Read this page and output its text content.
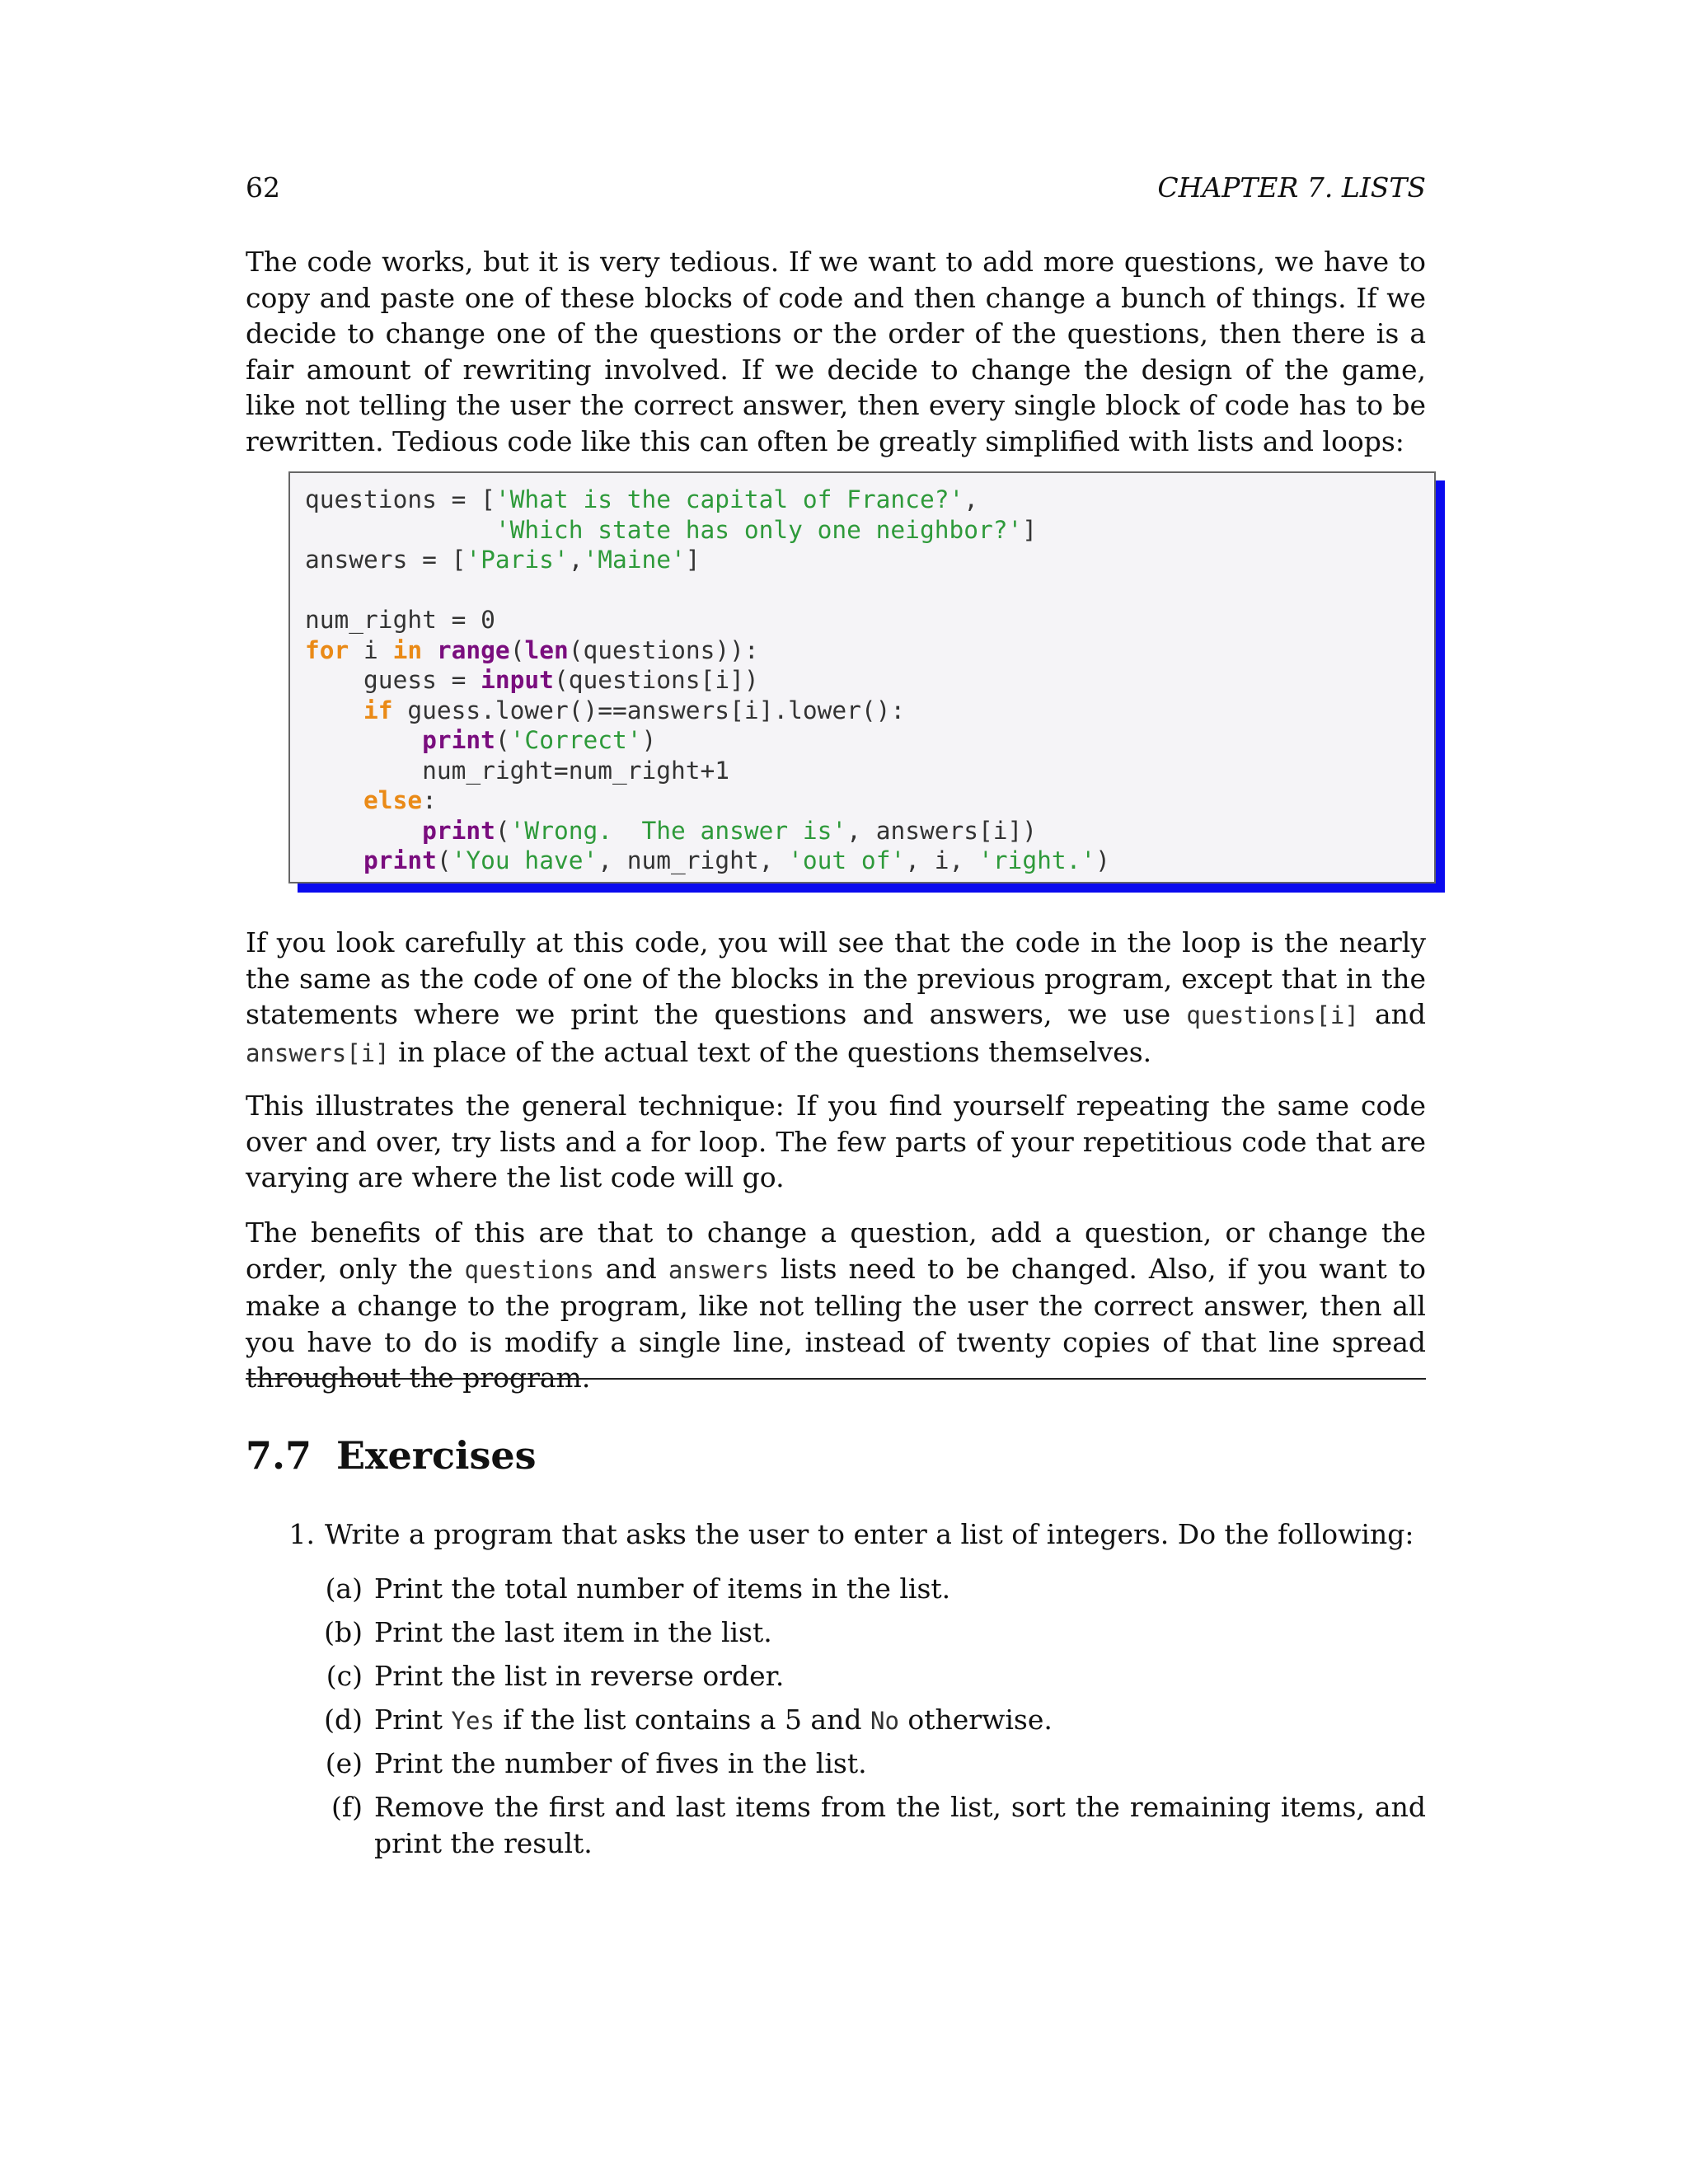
62	CHAPTER 7. LISTS

The code works, but it is very tedious. If we want to add more questions, we have to copy and paste one of these blocks of code and then change a bunch of things. If we decide to change one of the questions or the order of the questions, then there is a fair amount of rewriting involved. If we decide to change the design of the game, like not telling the user the correct answer, then every single block of code has to be rewritten. Tedious code like this can often be greatly simplified with lists and loops:

questions = ['What is the capital of France?',
'Which state has only one neighbor?']
answers = ['Paris','Maine']
num_right = 0
for i in range(len(questions)):
guess = input(questions[i])
if guess.lower()==answers[i].lower():
print('Correct')
num_right=num_right+1
else:
print('Wrong.  The answer is', answers[i])
print('You have', num_right, 'out of', i, 'right.')

If you look carefully at this code, you will see that the code in the loop is the nearly the same as the code of one of the blocks in the previous program, except that in the statements where we print the questions and answers, we use questions[i] and answers[i] in place of the actual text of the questions themselves.

This illustrates the general technique: If you find yourself repeating the same code over and over, try lists and a for loop. The few parts of your repetitious code that are varying are where the list code will go.

The benefits of this are that to change a question, add a question, or change the order, only the questions and answers lists need to be changed. Also, if you want to make a change to the program, like not telling the user the correct answer, then all you have to do is modify a single line, instead of twenty copies of that line spread throughout the program.

7.7 Exercises
1. Write a program that asks the user to enter a list of integers. Do the following:
(a) Print the total number of items in the list.
(b) Print the last item in the list.
(c) Print the list in reverse order.
(d) Print Yes if the list contains a 5 and No otherwise.
(e) Print the number of fives in the list.
(f) Remove the first and last items from the list, sort the remaining items, and print the result.
